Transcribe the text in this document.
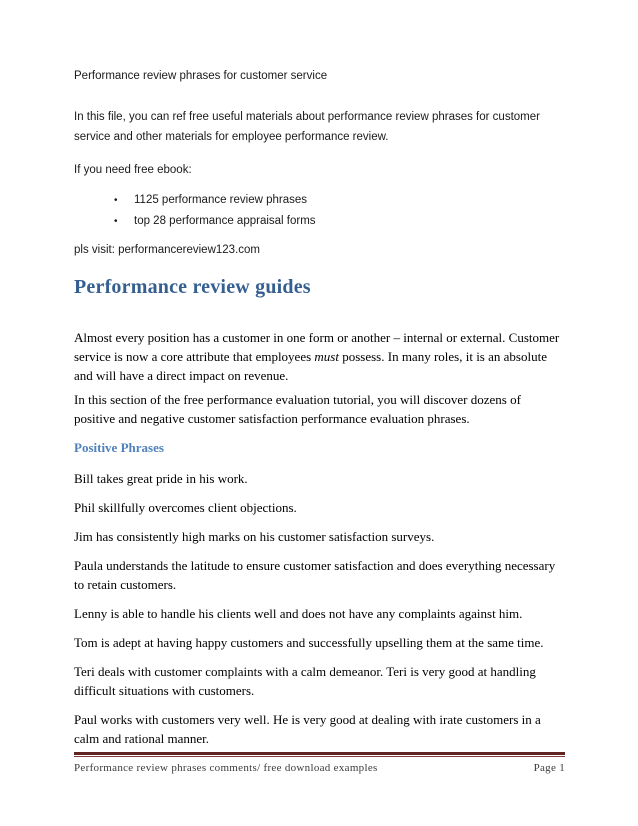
Performance review phrases for customer service

In this file, you can ref free useful materials about performance review phrases for customer service and other materials for employee performance review.

If you need free ebook:

•	1125 performance review phrases
•	top 28 performance appraisal forms

pls visit: performancereview123.com

Performance review guides

Almost every position has a customer in one form or another – internal or external. Customer service is now a core attribute that employees must possess. In many roles, it is an absolute and will have a direct impact on revenue.

In this section of the free performance evaluation tutorial, you will discover dozens of positive and negative customer satisfaction performance evaluation phrases.

Positive Phrases

Bill takes great pride in his work.

Phil skillfully overcomes client objections.

Jim has consistently high marks on his customer satisfaction surveys.

Paula understands the latitude to ensure customer satisfaction and does everything necessary to retain customers.

Lenny is able to handle his clients well and does not have any complaints against him.

Tom is adept at having happy customers and successfully upselling them at the same time.

Teri deals with customer complaints with a calm demeanor. Teri is very good at handling difficult situations with customers.

Paul works with customers very well. He is very good at dealing with irate customers in a calm and rational manner.

Performance review phrases comments/ free download examples	Page 1
